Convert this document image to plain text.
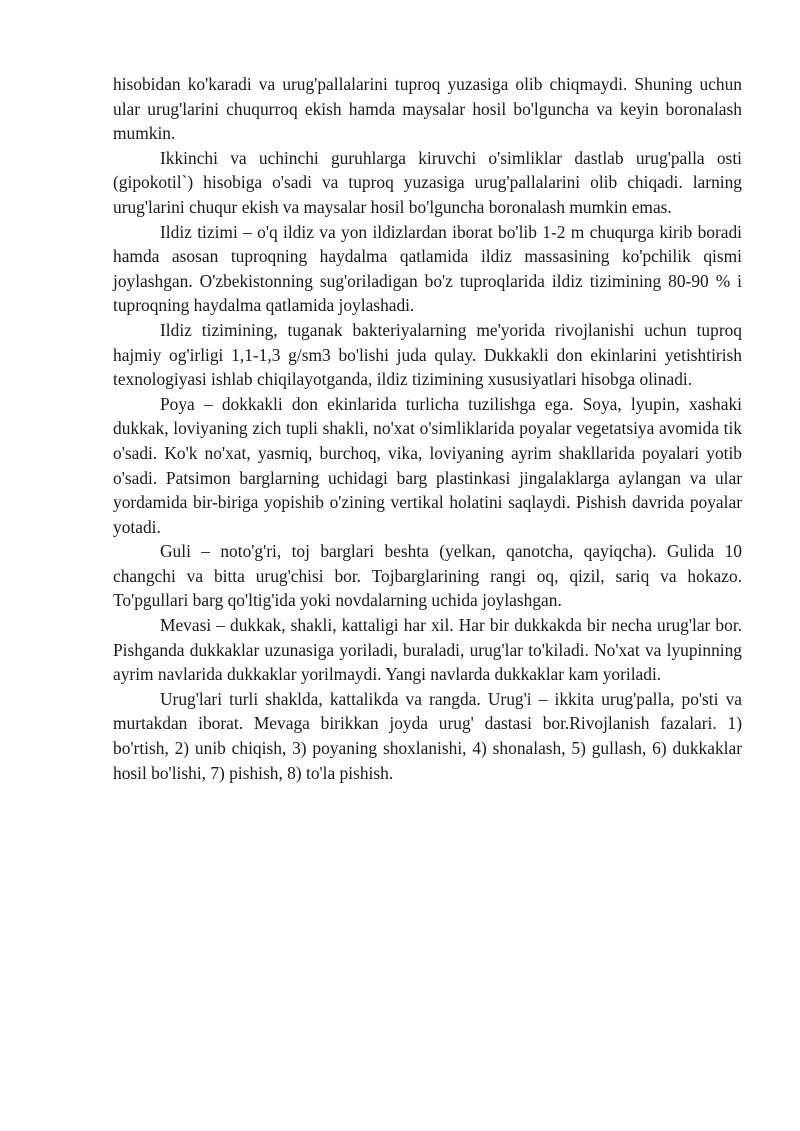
hisobidan ko'karadi va urug'pallalarini tuproq yuzasiga olib chiqmaydi. Shuning uchun ular urug'larini chuqurroq ekish hamda maysalar hosil bo'lguncha va keyin boronalash mumkin.

Ikkinchi va uchinchi guruhlarga kiruvchi o'simliklar dastlab urug'palla osti (gipokotil`) hisobiga o'sadi va tuproq yuzasiga urug'pallalarini olib chiqadi. larning urug'larini chuqur ekish va maysalar hosil bo'lguncha boronalash mumkin emas.

Ildiz tizimi – o'q ildiz va yon ildizlardan iborat bo'lib 1-2 m chuqurga kirib boradi hamda asosan tuproqning haydalma qatlamida ildiz massasining ko'pchilik qismi joylashgan. O'zbekistonning sug'oriladigan bo'z tuproqlarida ildiz tizimining 80-90 % i tuproqning haydalma qatlamida joylashadi.

Ildiz tizimining, tuganak bakteriyalarning me'yorida rivojlanishi uchun tuproq hajmiy og'irligi 1,1-1,3 g/sm3 bo'lishi juda qulay. Dukkakli don ekinlarini yetishtirish texnologiyasi ishlab chiqilayotganda, ildiz tizimining xususiyatlari hisobga olinadi.

Poya – dokkakli don ekinlarida turlicha tuzilishga ega. Soya, lyupin, xashaki dukkak, loviyaning zich tupli shakli, no'xat o'simliklarida poyalar vegetatsiya avomida tik o'sadi. Ko'k no'xat, yasmiq, burchoq, vika, loviyaning ayrim shakllarida poyalari yotib o'sadi. Patsimon barglarning uchidagi barg plastinkasi jingalaklarga aylangan va ular yordamida bir-biriga yopishib o'zining vertikal holatini saqlaydi. Pishish davrida poyalar yotadi.

Guli – noto'g'ri, toj barglari beshta (yelkan, qanotcha, qayiqcha). Gulida 10 changchi va bitta urug'chisi bor. Tojbarglarining rangi oq, qizil, sariq va hokazo. To'pgullari barg qo'ltig'ida yoki novdalarning uchida joylashgan.

Mevasi – dukkak, shakli, kattaligi har xil. Har bir dukkakda bir necha urug'lar bor. Pishganda dukkaklar uzunasiga yoriladi, buraladi, urug'lar to'kiladi. No'xat va lyupinning ayrim navlarida dukkaklar yorilmaydi. Yangi navlarda dukkaklar kam yoriladi.

Urug'lari turli shaklda, kattalikda va rangda. Urug'i – ikkita urug'palla, po'sti va murtakdan iborat. Mevaga birikkan joyda urug' dastasi bor.Rivojlanish fazalari. 1) bo'rtish, 2) unib chiqish, 3) poyaning shoxlanishi, 4) shonalash, 5) gullash, 6) dukkaklar hosil bo'lishi, 7) pishish, 8) to'la pishish.
